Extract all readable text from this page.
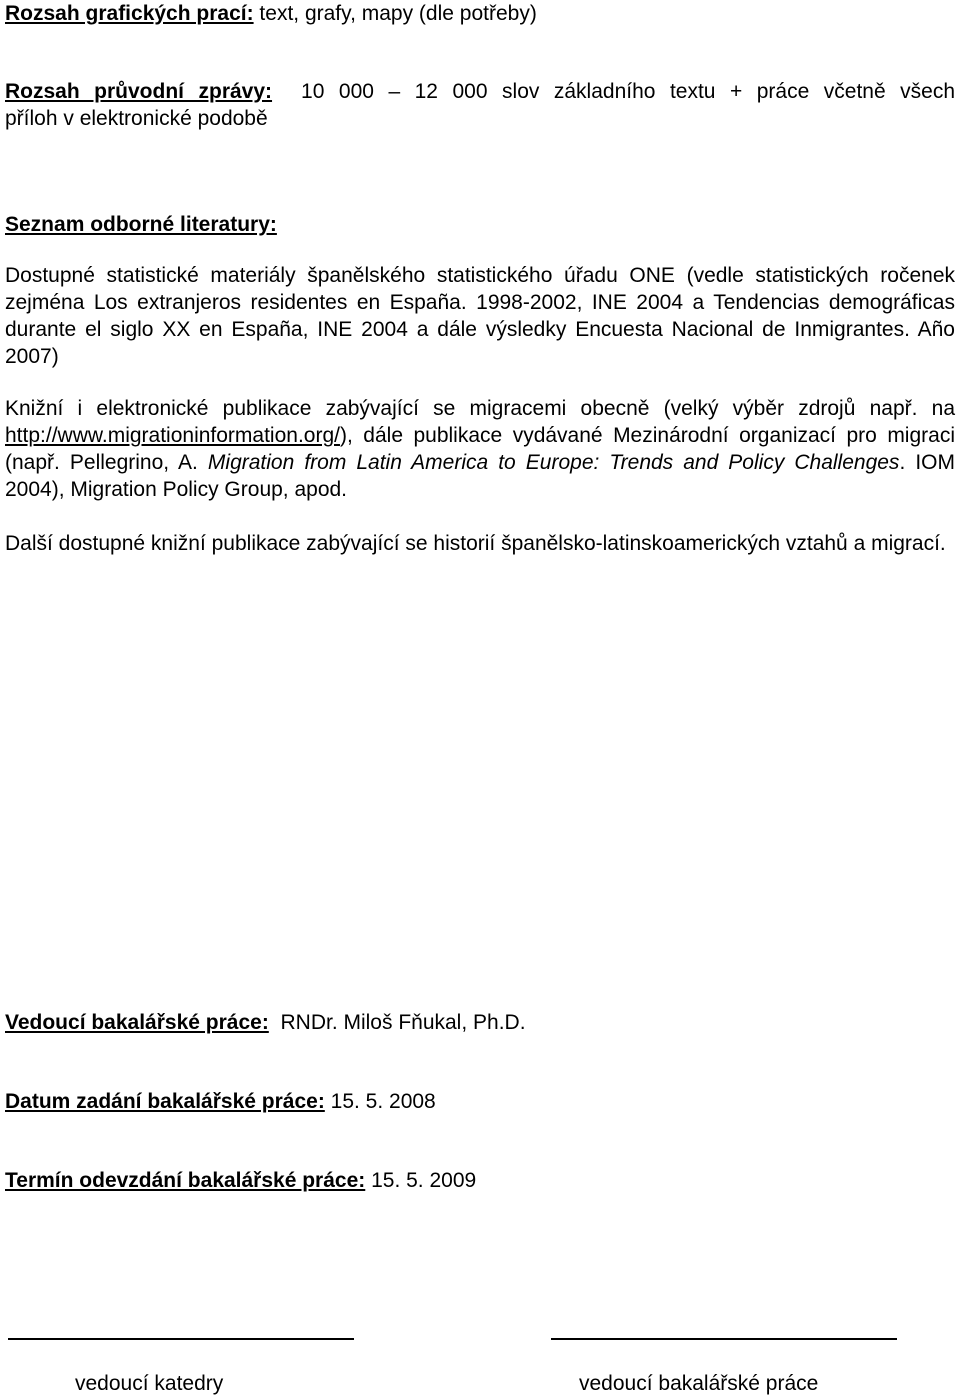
Rozsah grafických prací: text, grafy, mapy (dle potřeby)

Rozsah průvodní zprávy:  10 000 – 12 000 slov základního textu + práce včetně všech
příloh v elektronické podobě

Seznam odborné literatury:

Dostupné statistické materiály španělského statistického úřadu ONE (vedle statistických ročenek zejména Los extranjeros residentes en España. 1998-2002, INE 2004 a Tendencias demográficas durante el siglo XX en España, INE 2004 a dále výsledky Encuesta Nacional de Inmigrantes. Año 2007)

Knižní i elektronické publikace zabývající se migracemi obecně (velký výběr zdrojů např. na http://www.migrationinformation.org/), dále publikace vydávané Mezinárodní organizací pro migraci (např. Pellegrino, A. Migration from Latin America to Europe: Trends and Policy Challenges. IOM 2004), Migration Policy Group, apod.

Další dostupné knižní publikace zabývající se historií španělsko-latinskoamerických vztahů a migrací.

Vedoucí bakalářské práce:  RNDr. Miloš Fňukal, Ph.D.

Datum zadání bakalářské práce: 15. 5. 2008

Termín odevzdání bakalářské práce: 15. 5. 2009

vedoucí katedry	vedoucí bakalářské práce
